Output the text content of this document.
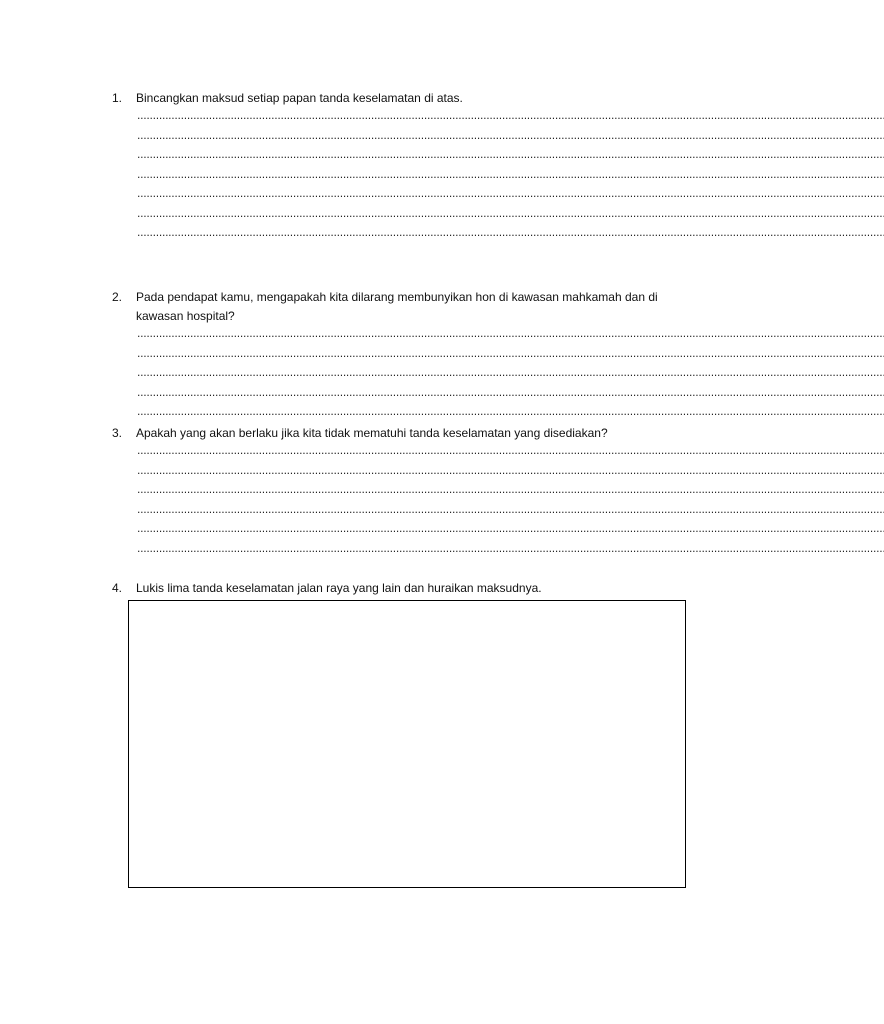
1.	Bincangkan maksud setiap papan tanda keselamatan di atas.
................................................................................................................................................................................................................................................
................................................................................................................................................................................................................................................
................................................................................................................................................................................................................................................
................................................................................................................................................................................................................................................
................................................................................................................................................................................................................................................
................................................................................................................................................................................................................................................
................................................................................................................................................................................................................................................
2.	Pada pendapat kamu, mengapakah kita dilarang membunyikan hon di kawasan mahkamah dan di kawasan hospital?
................................................................................................................................................................................................................................................
................................................................................................................................................................................................................................................
................................................................................................................................................................................................................................................
................................................................................................................................................................................................................................................
................................................................................................................................................................................................................................................
3.	Apakah yang akan berlaku jika kita tidak mematuhi tanda keselamatan yang disediakan?
................................................................................................................................................................................................................................................
................................................................................................................................................................................................................................................
................................................................................................................................................................................................................................................
................................................................................................................................................................................................................................................
................................................................................................................................................................................................................................................
................................................................................................................................................................................................................................................
4.	Lukis lima tanda keselamatan jalan raya yang lain dan huraikan maksudnya.
